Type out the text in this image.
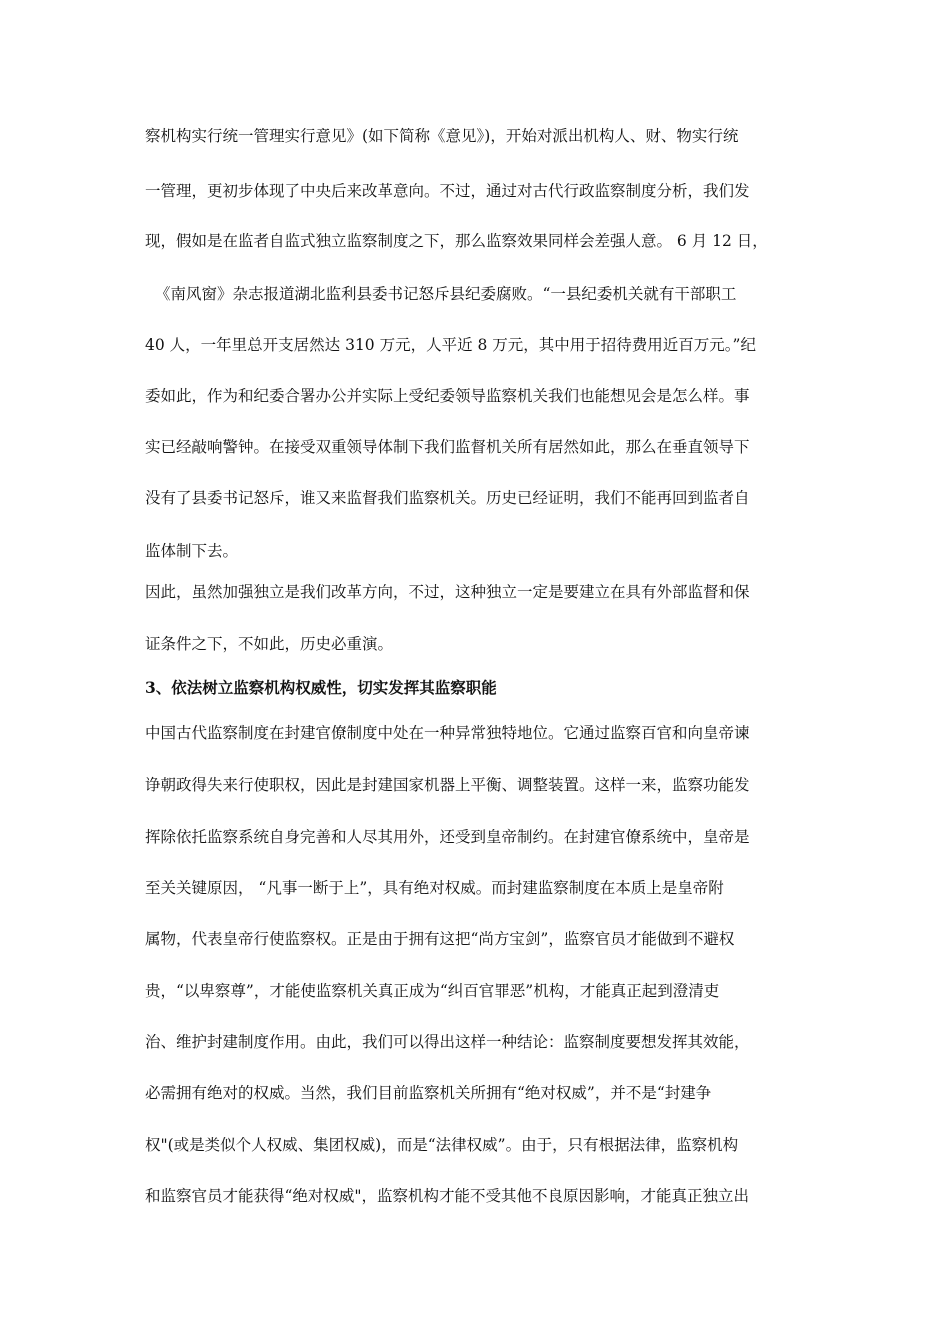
察机构实行统一管理实行意见》(如下简称《意见》)，开始对派出机构人、财、物实行统
一管理，更初步体现了中央后来改革意向。不过，通过对古代行政监察制度分析，我们发
现，假如是在监者自监式独立监察制度之下，那么监察效果同样会差强人意。 6 月 12 日，
《南风窗》杂志报道湖北监利县委书记怒斥县纪委腐败。“一县纪委机关就有干部职工
40 人，一年里总开支居然达 310 万元，人平近 8 万元，其中用于招待费用近百万元。”纪
委如此，作为和纪委合署办公并实际上受纪委领导监察机关我们也能想见会是怎么样。事
实已经敲响警钟。在接受双重领导体制下我们监督机关所有居然如此，那么在垂直领导下
没有了县委书记怒斥，谁又来监督我们监察机关。历史已经证明，我们不能再回到监者自
监体制下去。
因此，虽然加强独立是我们改革方向，不过，这种独立一定是要建立在具有外部监督和保
证条件之下，不如此，历史必重演。
3、依法树立监察机构权威性，切实发挥其监察职能
中国古代监察制度在封建官僚制度中处在一种异常独特地位。它通过监察百官和向皇帝谏
诤朝政得失来行使职权，因此是封建国家机器上平衡、调整装置。这样一来，监察功能发
挥除依托监察系统自身完善和人尽其用外，还受到皇帝制约。在封建官僚系统中，皇帝是
至关关键原因， “凡事一断于上”，具有绝对权威。而封建监察制度在本质上是皇帝附
属物，代表皇帝行使监察权。正是由于拥有这把“尚方宝剑”，监察官员才能做到不避权
贵，“以卑察尊”，才能使监察机关真正成为“纠百官罪恶”机构，才能真正起到澄清吏
治、维护封建制度作用。由此，我们可以得出这样一种结论：监察制度要想发挥其效能，
必需拥有绝对的权威。当然，我们目前监察机关所拥有“绝对权威”，并不是“封建争
权"(或是类似个人权威、集团权威)，而是“法律权威”。由于，只有根据法律，监察机构
和监察官员才能获得“绝对权威"，监察机构才能不受其他不良原因影响，才能真正独立出
